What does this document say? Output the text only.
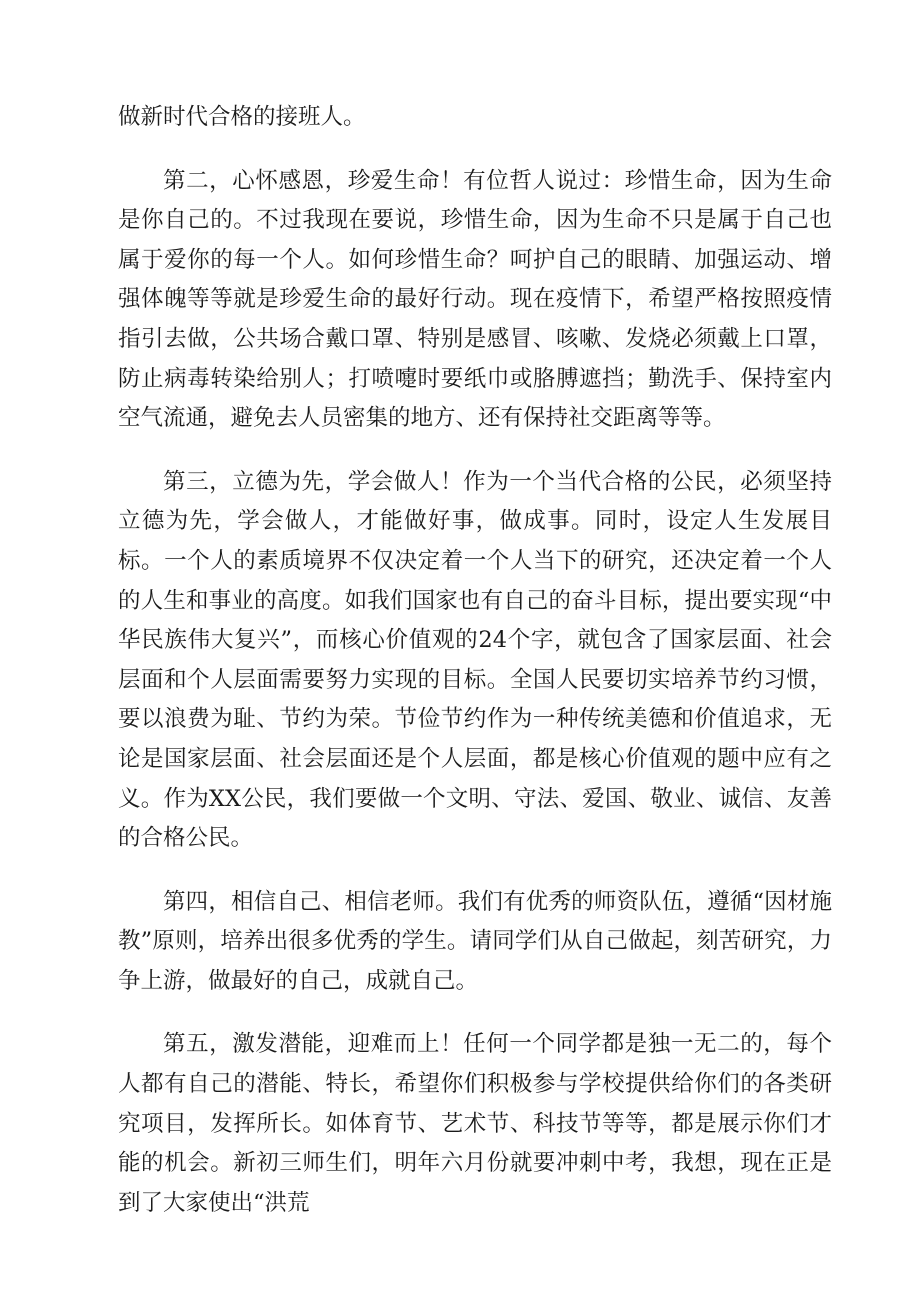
做新时代合格的接班人。

第二，心怀感恩，珍爱生命！有位哲人说过：珍惜生命，因为生命是你自己的。不过我现在要说，珍惜生命，因为生命不只是属于自己也属于爱你的每一个人。如何珍惜生命？呵护自己的眼睛、加强运动、增强体魄等等就是珍爱生命的最好行动。现在疫情下，希望严格按照疫情指引去做，公共场合戴口罩、特别是感冒、咳嗽、发烧必须戴上口罩，防止病毒转染给别人；打喷嚏时要纸巾或胳膊遮挡；勤洗手、保持室内空气流通，避免去人员密集的地方、还有保持社交距离等等。

第三，立德为先，学会做人！作为一个当代合格的公民，必须坚持立德为先，学会做人，才能做好事，做成事。同时，设定人生发展目标。一个人的素质境界不仅决定着一个人当下的研究，还决定着一个人的人生和事业的高度。如我们国家也有自己的奋斗目标，提出要实现“中华民族伟大复兴”，而核心价值观的24个字，就包含了国家层面、社会层面和个人层面需要努力实现的目标。全国人民要切实培养节约习惯，要以浪费为耻、节约为荣。节俭节约作为一种传统美德和价值追求，无论是国家层面、社会层面还是个人层面，都是核心价值观的题中应有之义。作为XX公民，我们要做一个文明、守法、爱国、敬业、诚信、友善的合格公民。

第四，相信自己、相信老师。我们有优秀的师资队伍，遵循“因材施教”原则，培养出很多优秀的学生。请同学们从自己做起，刻苦研究，力争上游，做最好的自己，成就自己。

第五，激发潜能，迎难而上！任何一个同学都是独一无二的，每个人都有自己的潜能、特长，希望你们积极参与学校提供给你们的各类研究项目，发挥所长。如体育节、艺术节、科技节等等，都是展示你们才能的机会。新初三师生们，明年六月份就要冲刺中考，我想，现在正是到了大家使出“洪荒
